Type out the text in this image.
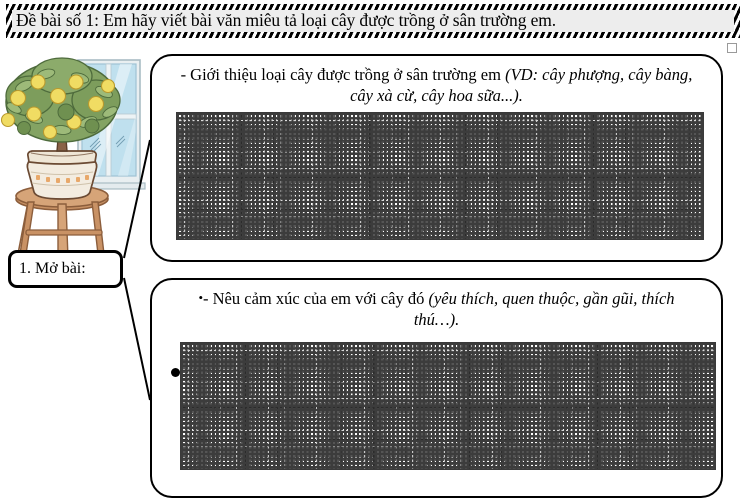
Đề bài số 1: Em hãy viết bài văn miêu tả loại cây được trồng ở sân trường em.
1. Mở bài:
- Giới thiệu loại cây được trồng ở sân trường em (VD: cây phượng, cây bàng, cây xà cừ, cây hoa sữa...).
•- Nêu cảm xúc của em với cây đó (yêu thích, quen thuộc, gần gũi, thích thú…).
